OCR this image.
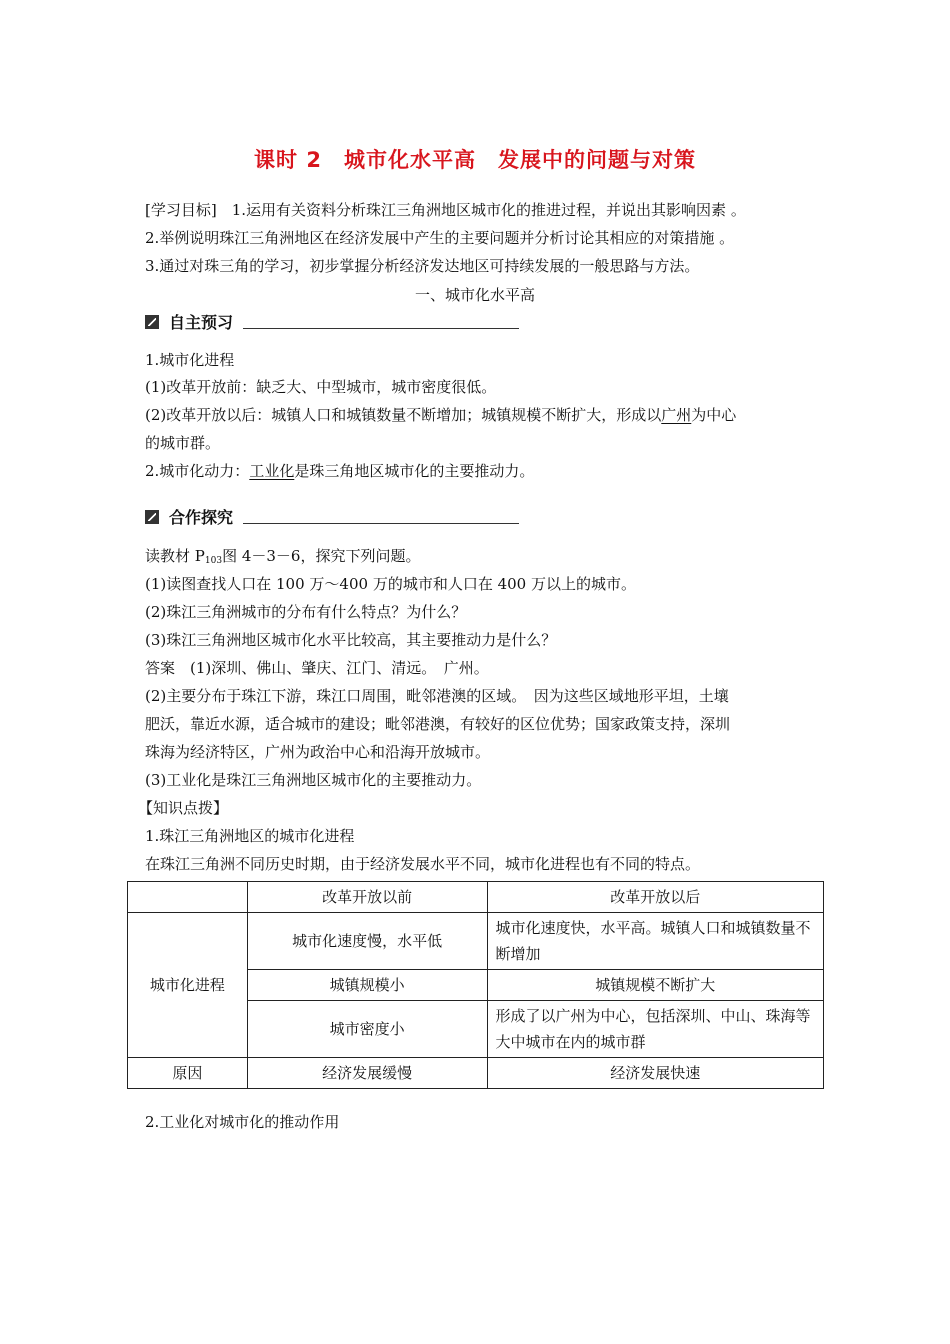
课时 2　城市化水平高　发展中的问题与对策
[学习目标]　 1.运用有关资料分析珠江三角洲地区城市化的推进过程，并说出其影响因素 。
2.举例说明珠江三角洲地区在经济发展中产生的主要问题并分析讨论其相应的对策措施 。
3.通过对珠三角的学习，初步掌握分析经济发达地区可持续发展的一般思路与方法。
一、城市化水平高
自主预习
1.城市化进程
(1)改革开放前：缺乏大、中型城市，城市密度很低。
(2)改革开放以后：城镇人口和城镇数量不断增加；城镇规模不断扩大，形成以广州为中心
的城市群。
2.城市化动力：工业化是珠三角地区城市化的主要推动力。
合作探究
读教材 $P_{103}$图 4－3－6，探究下列问题。
(1)读图查找人口在 100 万～400 万的城市和人口在 400 万以上的城市。
(2)珠江三角洲城市的分布有什么特点？为什么？
(3)珠江三角洲地区城市化水平比较高，其主要推动力是什么？
答案　(1)深圳、佛山、肇庆、江门、清远。　广州。
(2)主要分布于珠江下游，珠江口周围，毗邻港澳的区域。　因为这些区域地形平坦，土壤
肥沃，靠近水源，适合城市的建设；毗邻港澳，有较好的区位优势；国家政策支持，深圳
珠海为经济特区，广州为政治中心和沿海开放城市。
(3)工业化是珠江三角洲地区城市化的主要推动力。
【知识点拨】
1.珠江三角洲地区的城市化进程
在珠江三角洲不同历史时期，由于经济发展水平不同，城市化进程也有不同的特点。
	改革开放以前	改革开放以后
城市化进程	城市化速度慢，水平低	城市化速度快，水平高。城镇人口和城镇数量不断增加
	城镇规模小	城镇规模不断扩大
	城市密度小	形成了以广州为中心，包括深圳、中山、珠海等大中城市在内的城市群
原因	经济发展缓慢	经济发展快速
2.工业化对城市化的推动作用
